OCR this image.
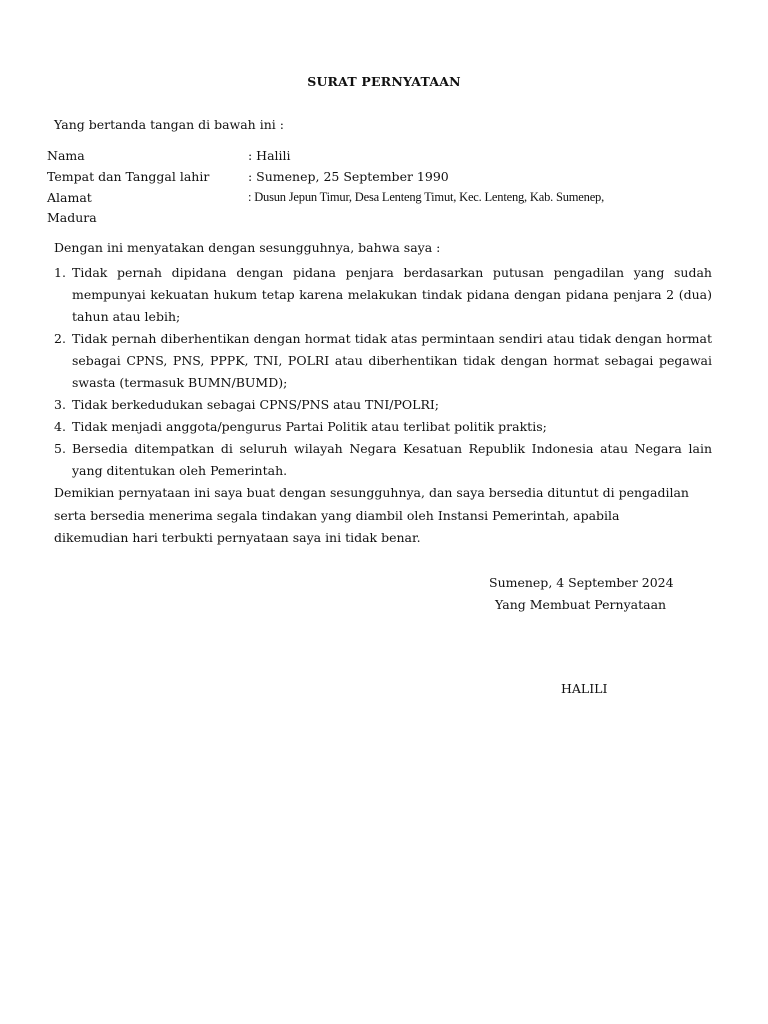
SURAT PERNYATAAN
Yang bertanda tangan di bawah ini :
Nama	: Halili
Tempat dan Tanggal lahir	: Sumenep, 25 September 1990
Alamat	: Dusun Jepun Timur, Desa Lenteng Timut, Kec. Lenteng, Kab. Sumenep,
Madura
Dengan ini menyatakan dengan sesungguhnya, bahwa saya :
1. Tidak pernah dipidana dengan pidana penjara berdasarkan putusan pengadilan yang sudah mempunyai kekuatan hukum tetap karena melakukan tindak pidana dengan pidana penjara 2 (dua) tahun atau lebih;
2. Tidak pernah diberhentikan dengan hormat tidak atas permintaan sendiri atau tidak dengan hormat sebagai CPNS, PNS, PPPK, TNI, POLRI atau diberhentikan tidak dengan hormat sebagai pegawai swasta (termasuk BUMN/BUMD);
3. Tidak berkedudukan sebagai CPNS/PNS atau TNI/POLRI;
4. Tidak menjadi anggota/pengurus Partai Politik atau terlibat politik praktis;
5. Bersedia ditempatkan di seluruh wilayah Negara Kesatuan Republik Indonesia atau Negara lain yang ditentukan oleh Pemerintah.
Demikian pernyataan ini saya buat dengan sesungguhnya, dan saya bersedia dituntut di pengadilan serta bersedia menerima segala tindakan yang diambil oleh Instansi Pemerintah, apabila dikemudian hari terbukti pernyataan saya ini tidak benar.
Sumenep, 4 September 2024
Yang Membuat Pernyataan
HALILI
